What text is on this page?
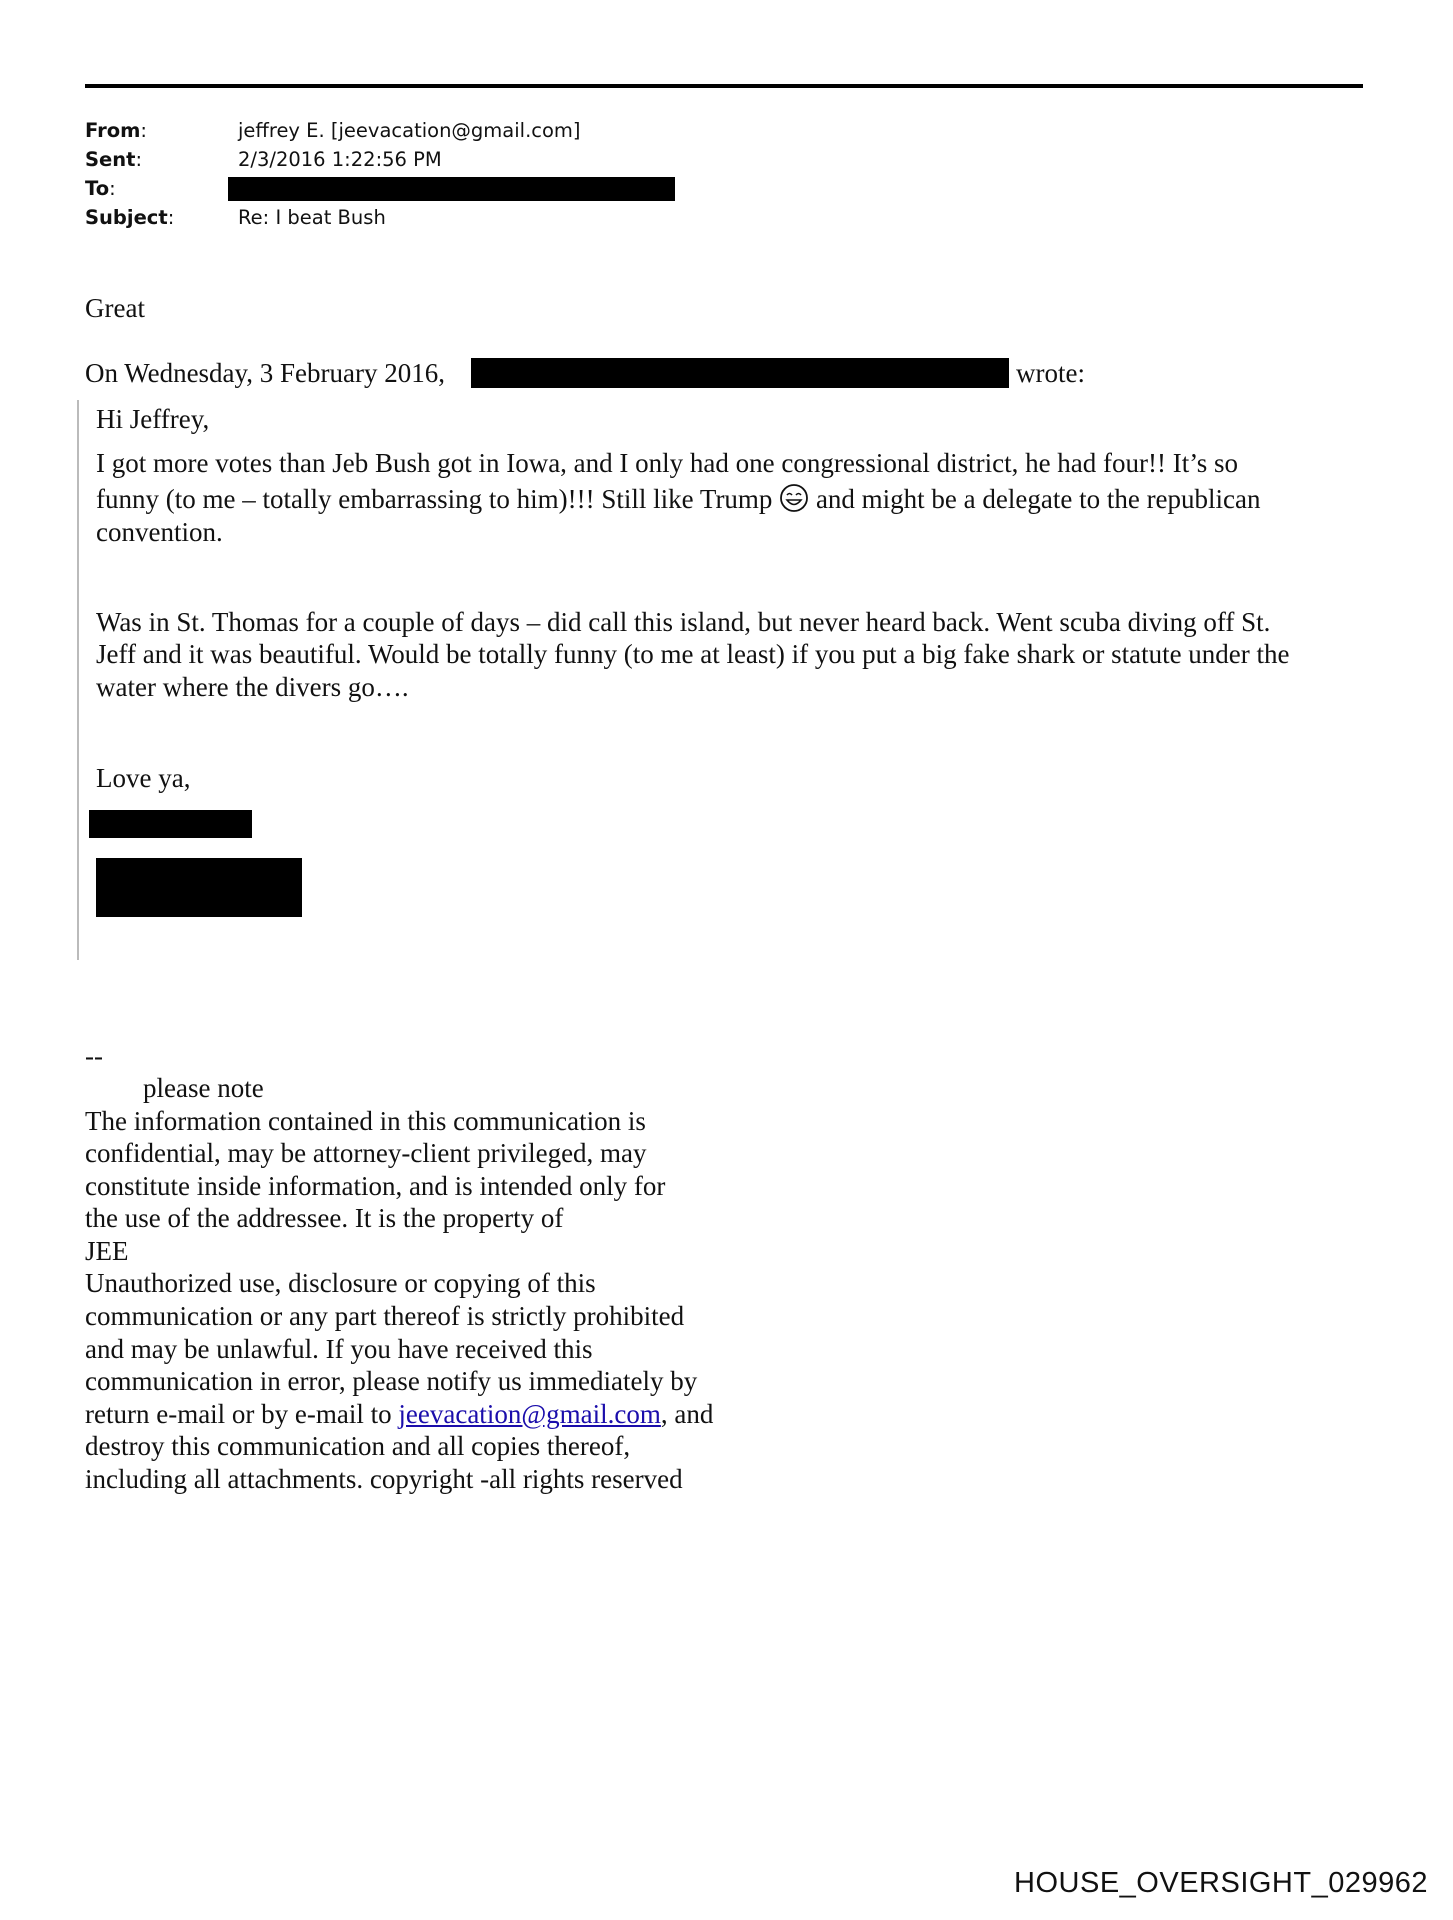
From:	jeffrey E. [jeevacation@gmail.com]
Sent:	2/3/2016 1:22:56 PM
To:
Subject:	Re: I beat Bush
Great
On Wednesday, 3 February 2016,	wrote:
Hi Jeffrey,
I got more votes than Jeb Bush got in Iowa, and I only had one congressional district, he had four!! It’s so
funny (to me – totally embarrassing to him)!!! Still like Trump and might be a delegate to the republican
convention.
Was in St. Thomas for a couple of days – did call this island, but never heard back. Went scuba diving off St.
Jeff and it was beautiful. Would be totally funny (to me at least) if you put a big fake shark or statute under the
water where the divers go….
Love ya,
--
please note
The information contained in this communication is
confidential, may be attorney-client privileged, may
constitute inside information, and is intended only for
the use of the addressee. It is the property of
JEE
Unauthorized use, disclosure or copying of this
communication or any part thereof is strictly prohibited
and may be unlawful. If you have received this
communication in error, please notify us immediately by
return e-mail or by e-mail to jeevacation@gmail.com, and
destroy this communication and all copies thereof,
including all attachments. copyright -all rights reserved
HOUSE_OVERSIGHT_029962
